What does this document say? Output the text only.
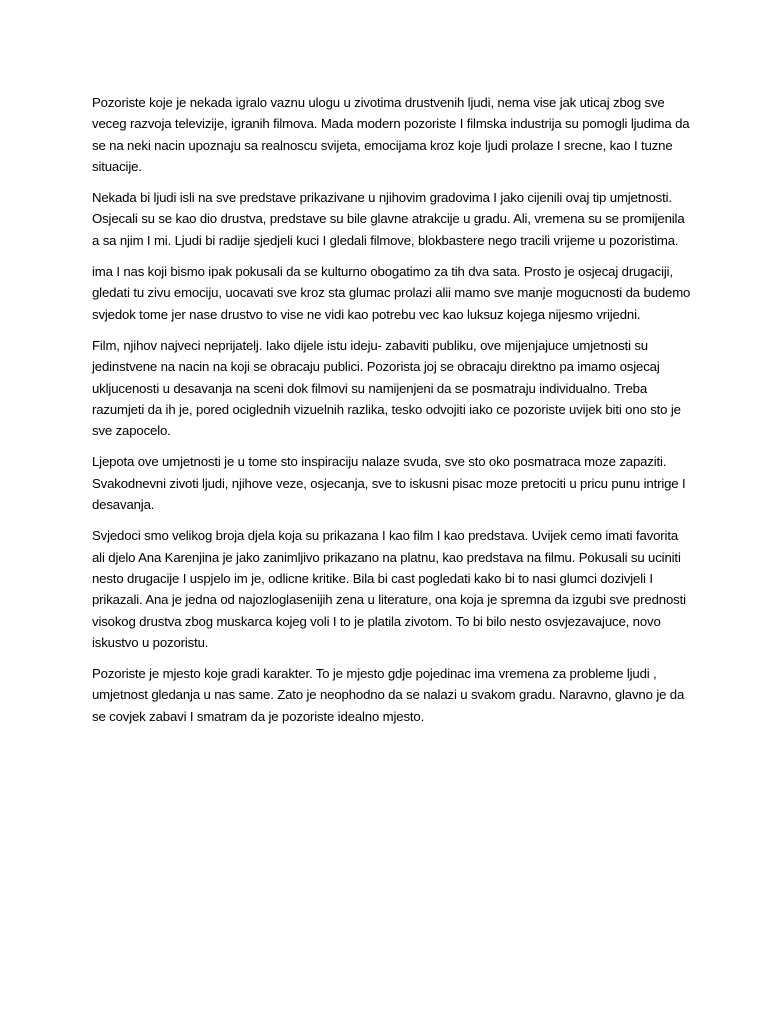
Pozoriste koje je nekada igralo vaznu ulogu u zivotima drustvenih ljudi, nema vise jak uticaj zbog sve veceg razvoja televizije, igranih filmova. Mada modern pozoriste I filmska industrija su pomogli ljudima da se na neki nacin upoznaju sa realnoscu svijeta, emocijama kroz koje ljudi prolaze I srecne, kao I tuzne situacije.

Nekada bi ljudi isli na sve predstave prikazivane u njihovim gradovima I jako cijenili ovaj tip umjetnosti. Osjecali su se kao dio drustva, predstave su bile glavne atrakcije u gradu. Ali, vremena su se promijenila a sa njim I mi. Ljudi bi radije sjedjeli kuci I gledali filmove, blokbastere nego tracili vrijeme u pozoristima.

ima I nas koji bismo ipak pokusali da se kulturno obogatimo za tih dva sata. Prosto je osjecaj drugaciji, gledati tu zivu emociju, uocavati sve kroz sta glumac prolazi alii mamo sve manje mogucnosti da budemo svjedok tome jer nase drustvo to vise ne vidi kao potrebu vec kao luksuz kojega nijesmo vrijedni.

Film, njihov najveci neprijatelj. Iako dijele istu ideju- zabaviti publiku, ove mijenjajuce umjetnosti su jedinstvene na nacin na koji se obracaju publici. Pozorista joj se obracaju direktno pa imamo osjecaj ukljucenosti u desavanja na sceni dok filmovi su namijenjeni da se posmatraju individualno. Treba razumjeti da ih je, pored ociglednih vizuelnih razlika, tesko odvojiti iako ce pozoriste uvijek biti ono sto je sve zapocelo.

Ljepota ove umjetnosti je u tome sto inspiraciju nalaze svuda, sve sto oko posmatraca moze zapaziti. Svakodnevni zivoti ljudi, njihove veze, osjecanja, sve to iskusni pisac moze pretociti u pricu punu intrige I desavanja.

Svjedoci smo velikog broja djela koja su prikazana I kao film I kao predstava. Uvijek cemo imati favorita ali djelo Ana Karenjina je jako zanimljivo prikazano na platnu, kao predstava na filmu. Pokusali su uciniti nesto drugacije I uspjelo im je, odlicne kritike. Bila bi cast pogledati kako bi to nasi glumci dozivjeli I prikazali. Ana je jedna od najozloglasenijih zena u literature, ona koja je spremna da izgubi sve prednosti visokog drustva zbog muskarca kojeg voli I to je platila zivotom. To bi bilo nesto osvjezavajuce, novo iskustvo u pozoristu.

Pozoriste je mjesto koje gradi karakter. To je mjesto gdje pojedinac ima vremena za probleme ljudi , umjetnost gledanja u nas same. Zato je neophodno da se nalazi u svakom gradu. Naravno, glavno je da se covjek zabavi I smatram da je pozoriste idealno mjesto.
